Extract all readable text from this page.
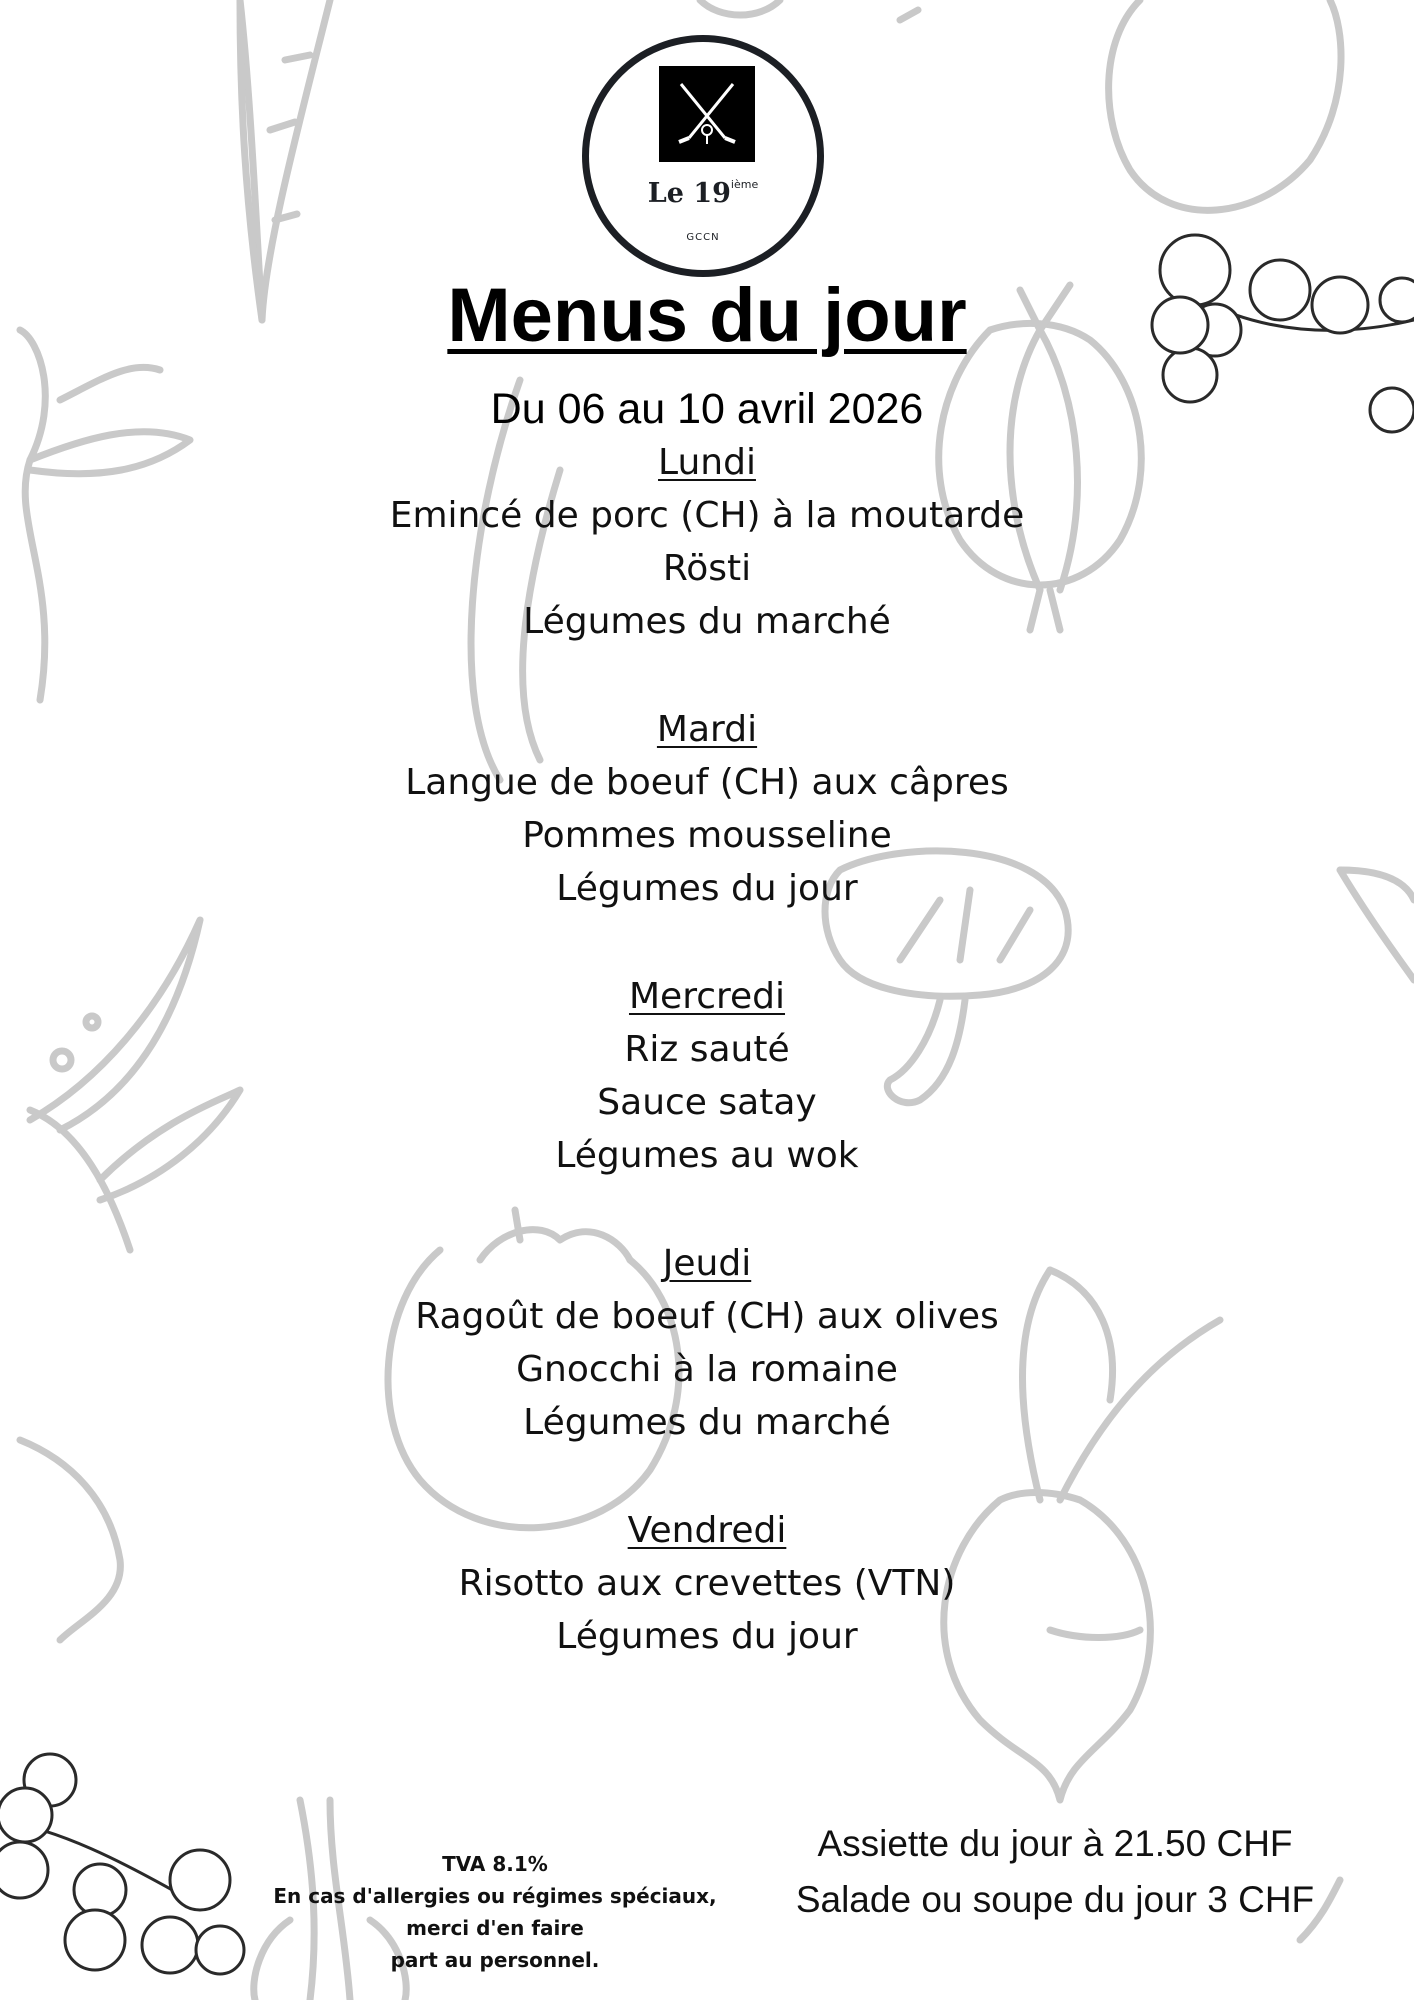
Le 19ième
GCCN
Menus du jour
Du 06 au 10 avril 2026
Lundi
Emincé de porc (CH) à la moutarde
Rösti
Légumes du marché
Mardi
Langue de boeuf (CH) aux câpres
Pommes mousseline
Légumes du jour
Mercredi
Riz sauté
Sauce satay
Légumes au wok
Jeudi
Ragoût de boeuf (CH) aux olives
Gnocchi à la romaine
Légumes du marché
Vendredi
Risotto aux crevettes (VTN)
Légumes du jour
TVA 8.1%
En cas d'allergies ou régimes spéciaux,
merci d'en faire
part au personnel.
Assiette du jour à 21.50 CHF
Salade ou soupe du jour 3 CHF
